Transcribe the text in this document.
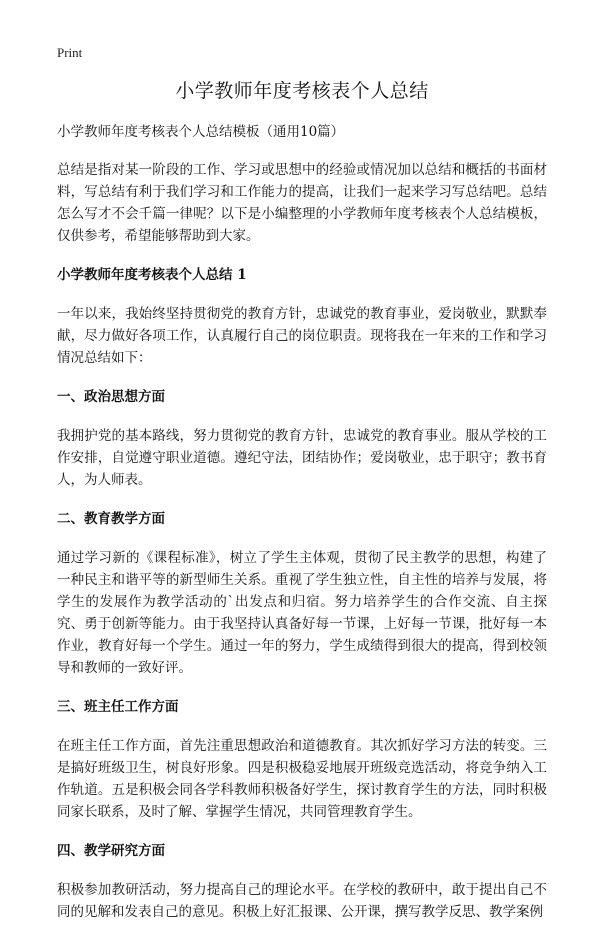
Print
小学教师年度考核表个人总结
小学教师年度考核表个人总结模板（通用10篇）

总结是指对某一阶段的工作、学习或思想中的经验或情况加以总结和概括的书面材料，写总结有利于我们学习和工作能力的提高，让我们一起来学习写总结吧。总结怎么写才不会千篇一律呢？以下是小编整理的小学教师年度考核表个人总结模板，仅供参考，希望能够帮助到大家。

小学教师年度考核表个人总结 1

一年以来，我始终坚持贯彻党的教育方针，忠诚党的教育事业，爱岗敬业，默默奉献，尽力做好各项工作，认真履行自己的岗位职责。现将我在一年来的工作和学习情况总结如下：

一、政治思想方面

我拥护党的基本路线，努力贯彻党的教育方针，忠诚党的教育事业。服从学校的工作安排，自觉遵守职业道德。遵纪守法，团结协作；爱岗敬业，忠于职守；教书育人，为人师表。

二、教育教学方面

通过学习新的《课程标准》，树立了学生主体观，贯彻了民主教学的思想，构建了一种民主和谐平等的新型师生关系。重视了学生独立性，自主性的培养与发展，将学生的发展作为教学活动的`出发点和归宿。努力培养学生的合作交流、自主探究、勇于创新等能力。由于我坚持认真备好每一节课，上好每一节课，批好每一本作业，教育好每一个学生。通过一年的努力，学生成绩得到很大的提高，得到校领导和教师的一致好评。

三、班主任工作方面

在班主任工作方面，首先注重思想政治和道德教育。其次抓好学习方法的转变。三是搞好班级卫生，树良好形象。四是积极稳妥地展开班级竞选活动，将竞争纳入工作轨道。五是积极会同各学科教师积极备好学生，探讨教育学生的方法，同时积极同家长联系，及时了解、掌握学生情况，共同管理教育学生。

四、教学研究方面

积极参加教研活动，努力提高自己的理论水平。在学校的教研中，敢于提出自己不同的见解和发表自己的意见。积极上好汇报课、公开课，撰写教学反思、教学案例
